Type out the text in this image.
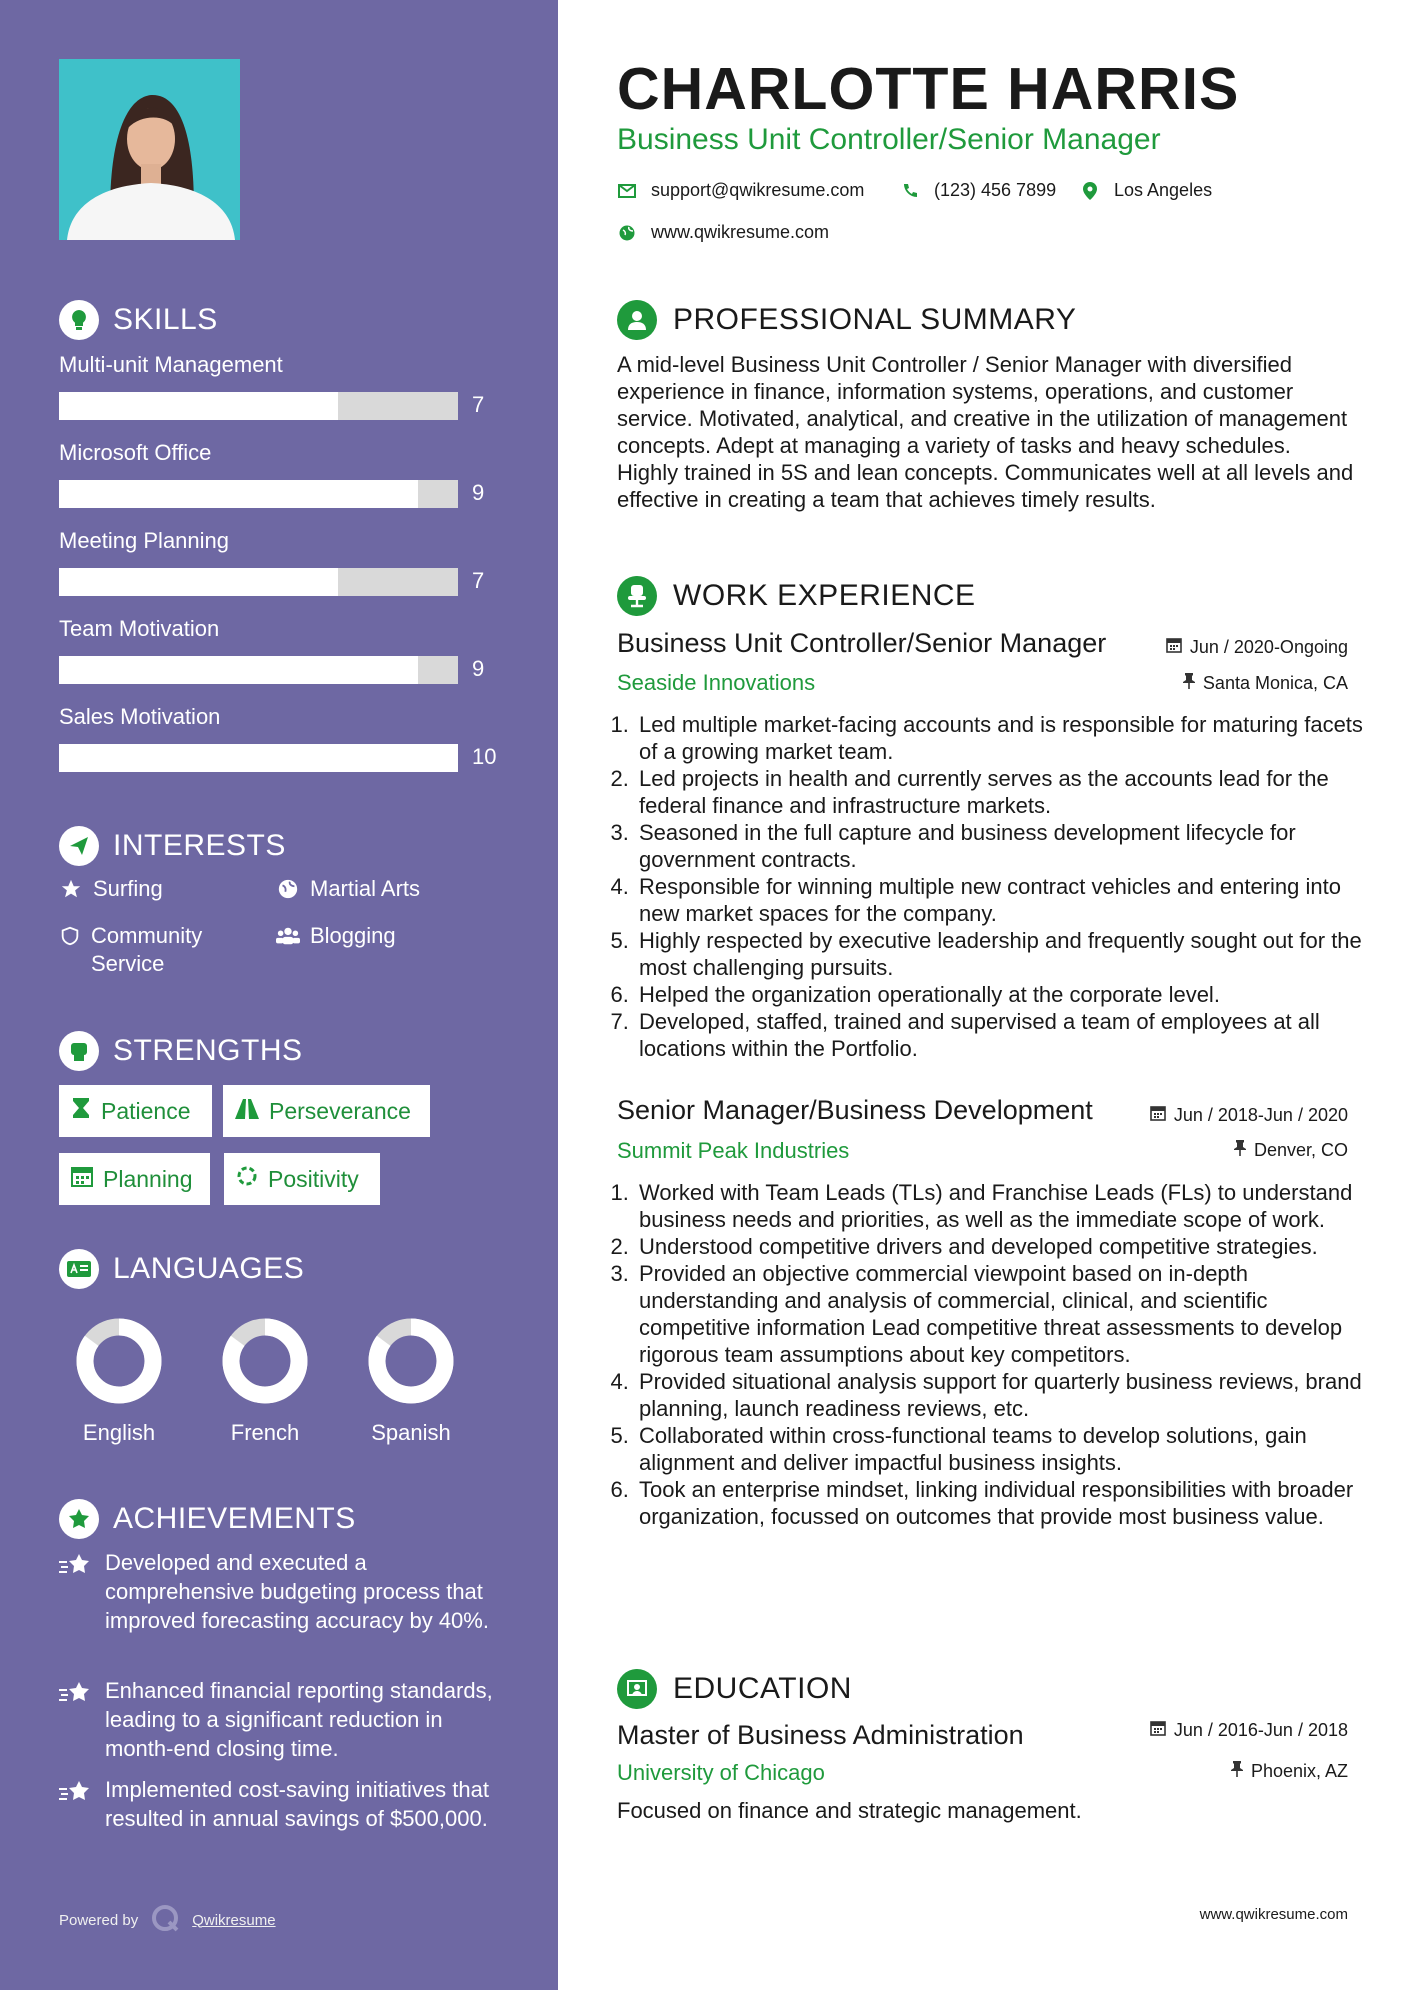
SKILLS
Multi-unit Management
7
Microsoft Office
9
Meeting Planning
7
Team Motivation
9
Sales Motivation
10
INTERESTS
Surfing	Martial Arts
Community Service
Blogging
STRENGTHS
Patience	Perseverance
Planning	Positivity
LANGUAGES
English	French	Spanish
ACHIEVEMENTS
Developed and executed a comprehensive budgeting process that improved forecasting accuracy by 40%.
Enhanced financial reporting standards, leading to a significant reduction in month-end closing time.
Implemented cost-saving initiatives that resulted in annual savings of $500,000.
Powered by	Qwikresume
CHARLOTTE HARRIS
Business Unit Controller/Senior Manager
support@qwikresume.com	(123) 456 7899	Los Angeles
www.qwikresume.com
PROFESSIONAL SUMMARY
A mid-level Business Unit Controller / Senior Manager with diversified experience in finance, information systems, operations, and customer service. Motivated, analytical, and creative in the utilization of management concepts. Adept at managing a variety of tasks and heavy schedules. Highly trained in 5S and lean concepts. Communicates well at all levels and effective in creating a team that achieves timely results.
WORK EXPERIENCE
Business Unit Controller/Senior Manager	Jun / 2020-Ongoing
Seaside Innovations	Santa Monica, CA
1. Led multiple market-facing accounts and is responsible for maturing facets of a growing market team.
2. Led projects in health and currently serves as the accounts lead for the federal finance and infrastructure markets.
3. Seasoned in the full capture and business development lifecycle for government contracts.
4. Responsible for winning multiple new contract vehicles and entering into new market spaces for the company.
5. Highly respected by executive leadership and frequently sought out for the most challenging pursuits.
6. Helped the organization operationally at the corporate level.
7. Developed, staffed, trained and supervised a team of employees at all locations within the Portfolio.
Senior Manager/Business Development	Jun / 2018-Jun / 2020
Summit Peak Industries	Denver, CO
1. Worked with Team Leads (TLs) and Franchise Leads (FLs) to understand business needs and priorities, as well as the immediate scope of work.
2. Understood competitive drivers and developed competitive strategies.
3. Provided an objective commercial viewpoint based on in-depth understanding and analysis of commercial, clinical, and scientific competitive information Lead competitive threat assessments to develop rigorous team assumptions about key competitors.
4. Provided situational analysis support for quarterly business reviews, brand planning, launch readiness reviews, etc.
5. Collaborated within cross-functional teams to develop solutions, gain alignment and deliver impactful business insights.
6. Took an enterprise mindset, linking individual responsibilities with broader organization, focussed on outcomes that provide most business value.
EDUCATION
Master of Business Administration	Jun / 2016-Jun / 2018
University of Chicago	Phoenix, AZ
Focused on finance and strategic management.
www.qwikresume.com
